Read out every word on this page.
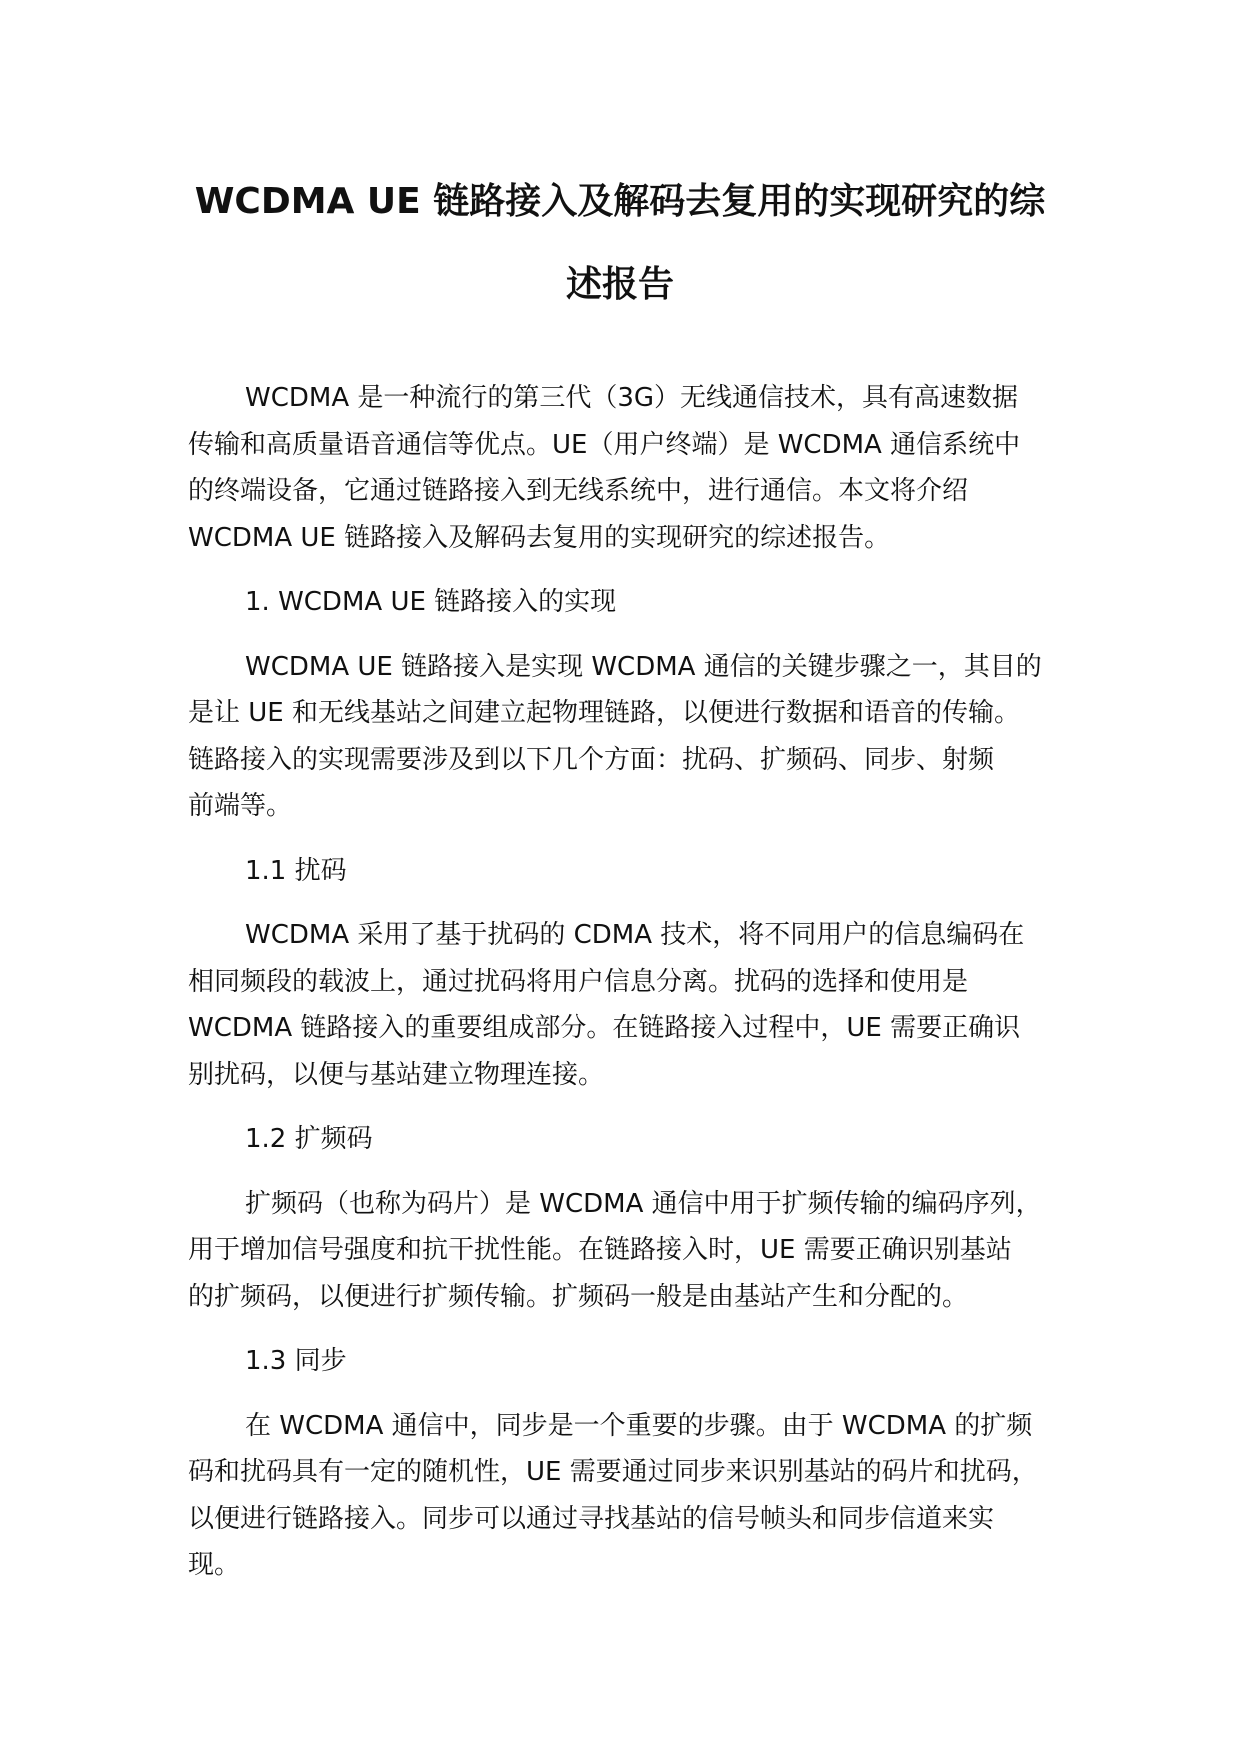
WCDMA UE 链路接入及解码去复用的实现研究的综
述报告
WCDMA 是一种流行的第三代（3G）无线通信技术，具有高速数据
传输和高质量语音通信等优点。UE（用户终端）是 WCDMA 通信系统中
的终端设备，它通过链路接入到无线系统中，进行通信。本文将介绍
WCDMA UE 链路接入及解码去复用的实现研究的综述报告。
1. WCDMA UE 链路接入的实现
WCDMA UE 链路接入是实现 WCDMA 通信的关键步骤之一，其目的
是让 UE 和无线基站之间建立起物理链路，以便进行数据和语音的传输。
链路接入的实现需要涉及到以下几个方面：扰码、扩频码、同步、射频
前端等。
1.1 扰码
WCDMA 采用了基于扰码的 CDMA 技术，将不同用户的信息编码在
相同频段的载波上，通过扰码将用户信息分离。扰码的选择和使用是
WCDMA 链路接入的重要组成部分。在链路接入过程中，UE 需要正确识
别扰码，以便与基站建立物理连接。
1.2 扩频码
扩频码（也称为码片）是 WCDMA 通信中用于扩频传输的编码序列，
用于增加信号强度和抗干扰性能。在链路接入时，UE 需要正确识别基站
的扩频码，以便进行扩频传输。扩频码一般是由基站产生和分配的。
1.3 同步
在 WCDMA 通信中，同步是一个重要的步骤。由于 WCDMA 的扩频
码和扰码具有一定的随机性，UE 需要通过同步来识别基站的码片和扰码，
以便进行链路接入。同步可以通过寻找基站的信号帧头和同步信道来实
现。
